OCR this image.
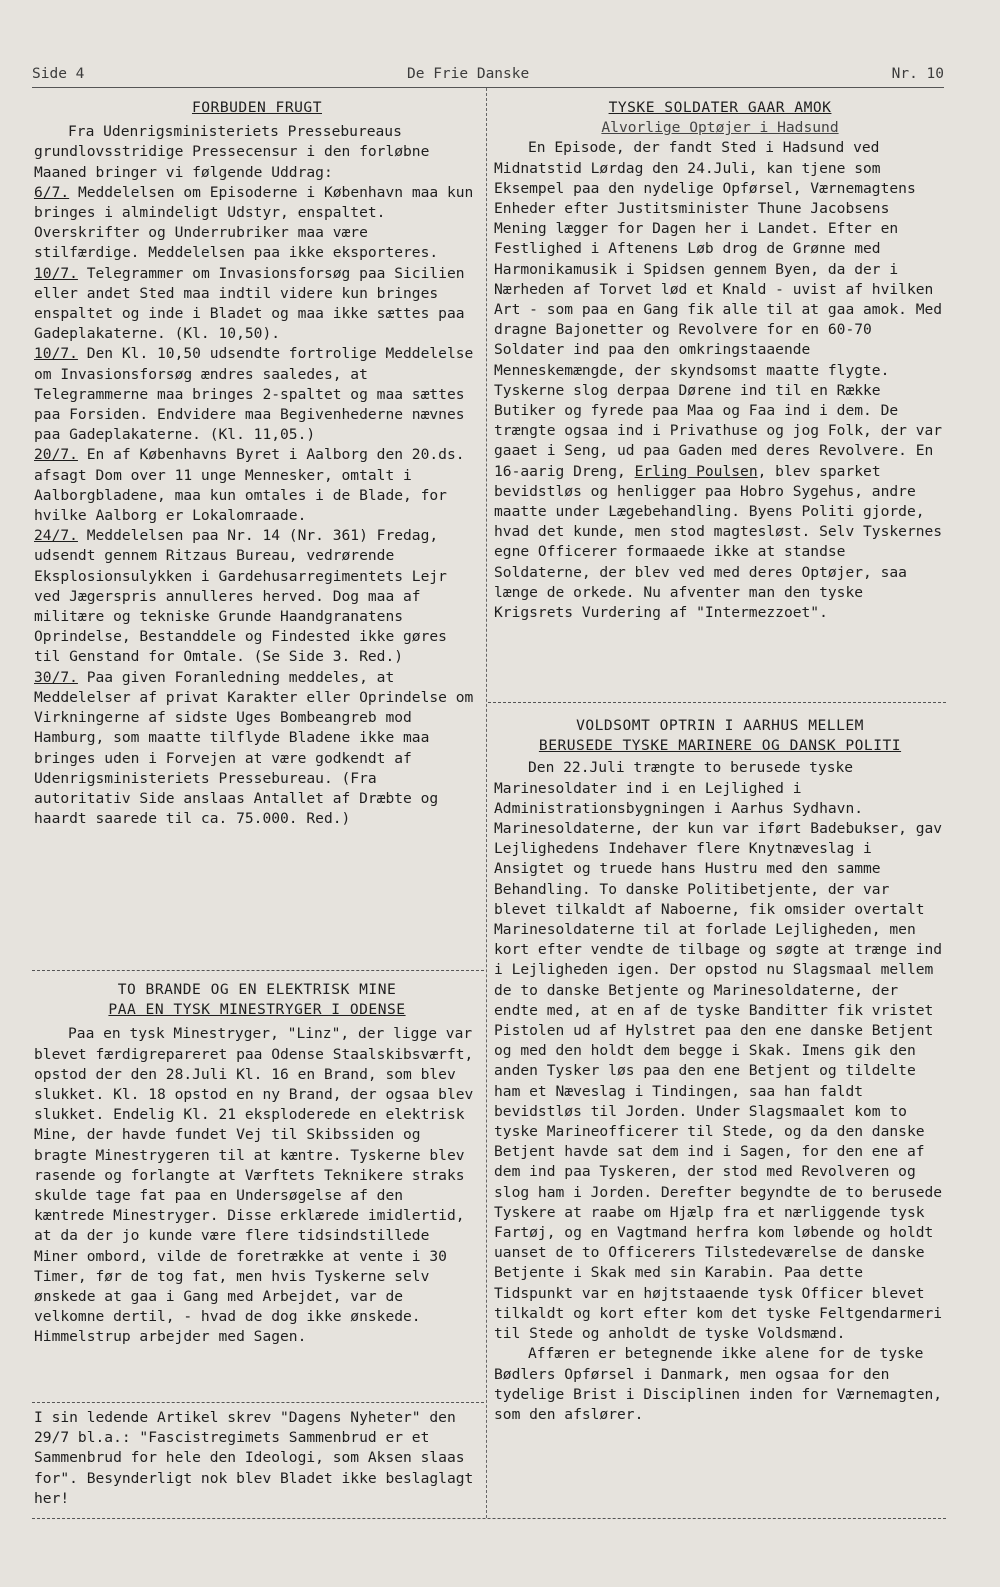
Side 4	De Frie Danske	Nr. 10

FORBUDEN FRUGT

Fra Udenrigsministeriets Pressebureaus grundlovsstridige Pressecensur i den forløbne Maaned bringer vi følgende Uddrag:

6/7. Meddelelsen om Episoderne i København maa kun bringes i almindeligt Udstyr, enspaltet. Overskrifter og Underrubriker maa være stilfærdige. Meddelelsen paa ikke eksporteres.

10/7. Telegrammer om Invasionsforsøg paa Sicilien eller andet Sted maa indtil videre kun bringes enspaltet og inde i Bladet og maa ikke sættes paa Gadeplakaterne. (Kl. 10,50).

10/7. Den Kl. 10,50 udsendte fortrolige Meddelelse om Invasionsforsøg ændres saaledes, at Telegrammerne maa bringes 2-spaltet og maa sættes paa Forsiden. Endvidere maa Begivenhederne nævnes paa Gadeplakaterne. (Kl. 11,05.)

20/7. En af Københavns Byret i Aalborg den 20.ds. afsagt Dom over 11 unge Mennesker, omtalt i Aalborgbladene, maa kun omtales i de Blade, for hvilke Aalborg er Lokalomraade.

24/7. Meddelelsen paa Nr. 14 (Nr. 361) Fredag, udsendt gennem Ritzaus Bureau, vedrørende Eksplosionsulykken i Gardehusarregimentets Lejr ved Jægerspris annulleres herved. Dog maa af militære og tekniske Grunde Haandgranatens Oprindelse, Bestanddele og Findested ikke gøres til Genstand for Omtale. (Se Side 3. Red.)

30/7. Paa given Foranledning meddeles, at Meddelelser af privat Karakter eller Oprindelse om Virkningerne af sidste Uges Bombeangreb mod Hamburg, som maatte tilflyde Bladene ikke maa bringes uden i Forvejen at være godkendt af Udenrigsministeriets Pressebureau. (Fra autoritativ Side anslaas Antallet af Dræbte og haardt saarede til ca. 75.000. Red.)

TO BRANDE OG EN ELEKTRISK MINE

PAA EN TYSK MINESTRYGER I ODENSE

Paa en tysk Minestryger, "Linz", der ligge var blevet færdigrepareret paa Odense Staalskibsværft, opstod der den 28.Juli Kl. 16 en Brand, som blev slukket. Kl. 18 opstod en ny Brand, der ogsaa blev slukket. Endelig Kl. 21 eksploderede en elektrisk Mine, der havde fundet Vej til Skibssiden og bragte Minestrygeren til at kæntre. Tyskerne blev rasende og forlangte at Værftets Teknikere straks skulde tage fat paa en Undersøgelse af den kæntrede Minestryger. Disse erklærede imidlertid, at da der jo kunde være flere tidsindstillede Miner ombord, vilde de foretrække at vente i 30 Timer, før de tog fat, men hvis Tyskerne selv ønskede at gaa i Gang med Arbejdet, var de velkomne dertil, - hvad de dog ikke ønskede. Himmelstrup arbejder med Sagen.

I sin ledende Artikel skrev "Dagens Nyheter" den 29/7 bl.a.: "Fascistregimets Sammenbrud er et Sammenbrud for hele den Ideologi, som Aksen slaas for". Besynderligt nok blev Bladet ikke beslaglagt her!

TYSKE SOLDATER GAAR AMOK

Alvorlige Optøjer i Hadsund

En Episode, der fandt Sted i Hadsund ved Midnatstid Lørdag den 24.Juli, kan tjene som Eksempel paa den nydelige Opførsel, Værnemagtens Enheder efter Justitsminister Thune Jacobsens Mening lægger for Dagen her i Landet. Efter en Festlighed i Aftenens Løb drog de Grønne med Harmonikamusik i Spidsen gennem Byen, da der i Nærheden af Torvet lød et Knald - uvist af hvilken Art - som paa en Gang fik alle til at gaa amok. Med dragne Bajonetter og Revolvere for en 60-70 Soldater ind paa den omkringstaaende Menneskemængde, der skyndsomst maatte flygte. Tyskerne slog derpaa Dørene ind til en Række Butiker og fyrede paa Maa og Faa ind i dem. De trængte ogsaa ind i Privathuse og jog Folk, der var gaaet i Seng, ud paa Gaden med deres Revolvere. En 16-aarig Dreng, Erling Poulsen, blev sparket bevidstløs og henligger paa Hobro Sygehus, andre maatte under Lægebehandling. Byens Politi gjorde, hvad det kunde, men stod magtesløst. Selv Tyskernes egne Officerer formaaede ikke at standse Soldaterne, der blev ved med deres Optøjer, saa længe de orkede. Nu afventer man den tyske Krigsrets Vurdering af "Intermezzoet".

VOLDSOMT OPTRIN I AARHUS MELLEM

BERUSEDE TYSKE MARINERE OG DANSK POLITI

Den 22.Juli trængte to berusede tyske Marinesoldater ind i en Lejlighed i Administrationsbygningen i Aarhus Sydhavn. Marinesoldaterne, der kun var iført Badebukser, gav Lejlighedens Indehaver flere Knytnæveslag i Ansigtet og truede hans Hustru med den samme Behandling. To danske Politibetjente, der var blevet tilkaldt af Naboerne, fik omsider overtalt Marinesoldaterne til at forlade Lejligheden, men kort efter vendte de tilbage og søgte at trænge ind i Lejligheden igen. Der opstod nu Slagsmaal mellem de to danske Betjente og Marinesoldaterne, der endte med, at en af de tyske Banditter fik vristet Pistolen ud af Hylstret paa den ene danske Betjent og med den holdt dem begge i Skak. Imens gik den anden Tysker løs paa den ene Betjent og tildelte ham et Næveslag i Tindingen, saa han faldt bevidstløs til Jorden. Under Slagsmaalet kom to tyske Marineofficerer til Stede, og da den danske Betjent havde sat dem ind i Sagen, for den ene af dem ind paa Tyskeren, der stod med Revolveren og slog ham i Jorden. Derefter begyndte de to berusede Tyskere at raabe om Hjælp fra et nærliggende tysk Fartøj, og en Vagtmand herfra kom løbende og holdt uanset de to Officerers Tilstedeværelse de danske Betjente i Skak med sin Karabin. Paa dette Tidspunkt var en højtstaaende tysk Officer blevet tilkaldt og kort efter kom det tyske Feltgendarmeri til Stede og anholdt de tyske Voldsmænd.

Affæren er betegnende ikke alene for de tyske Bødlers Opførsel i Danmark, men ogsaa for den tydelige Brist i Disciplinen inden for Værnemagten, som den afslører.
